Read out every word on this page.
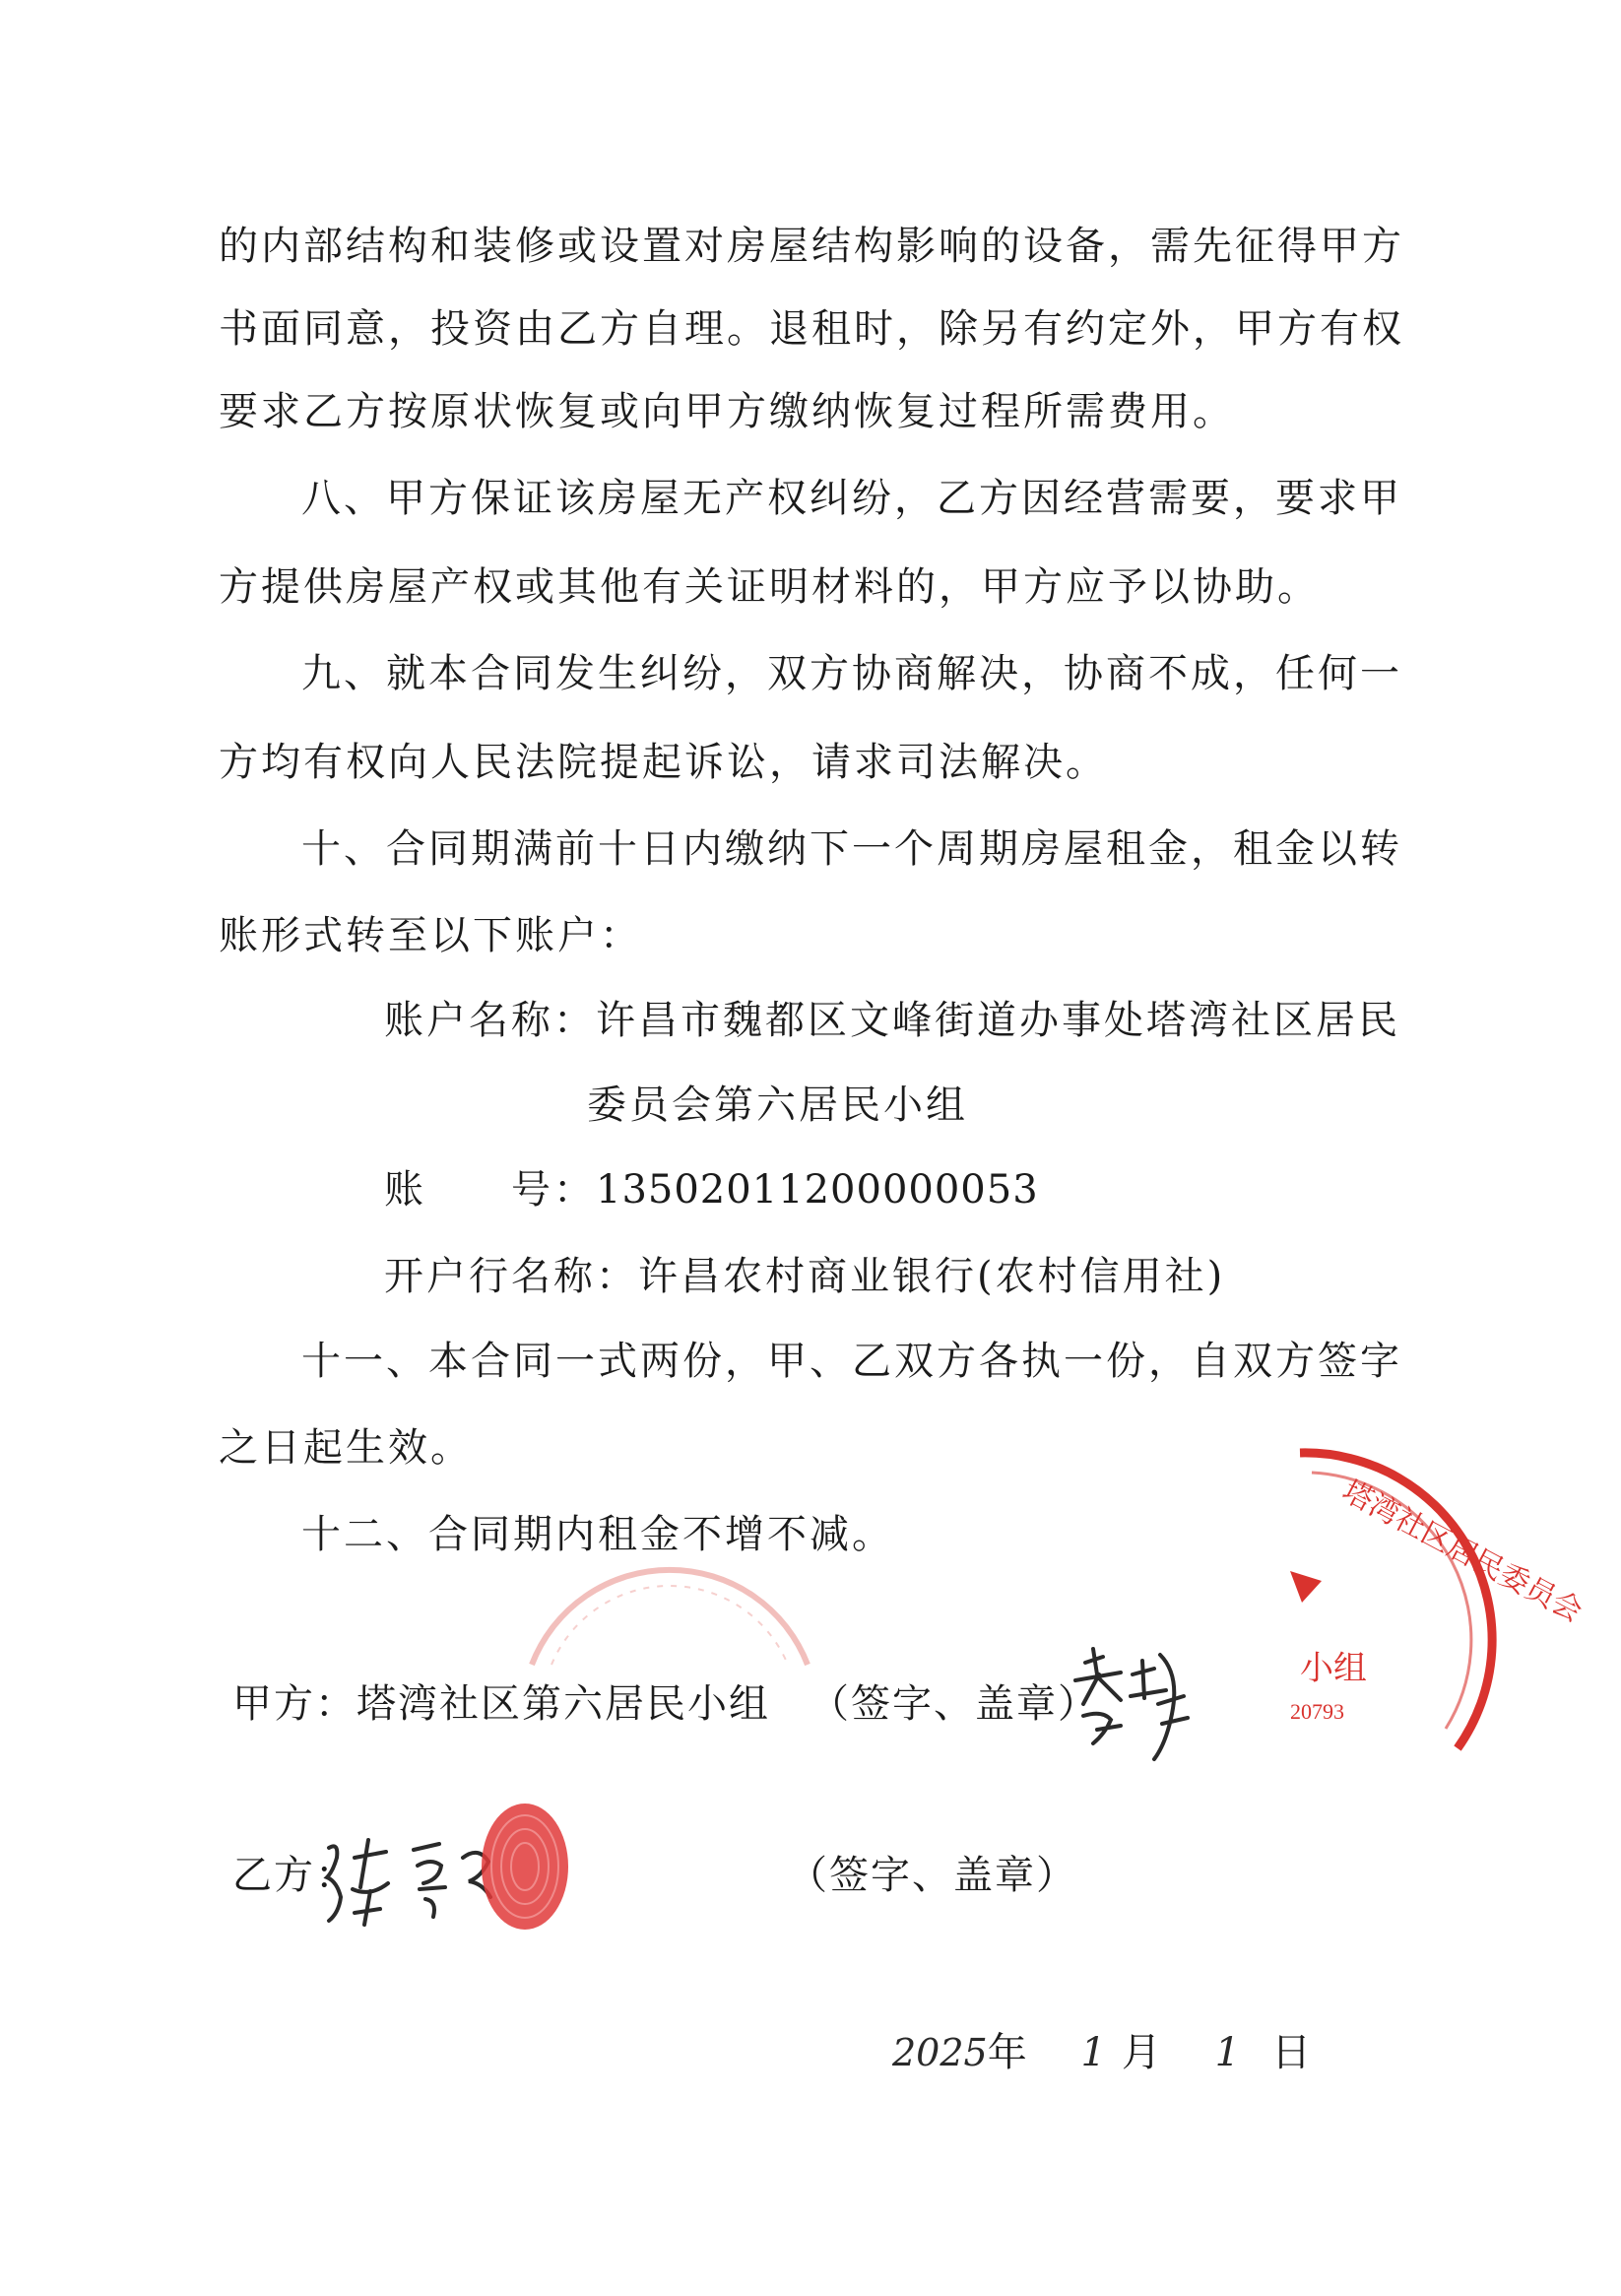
的内部结构和装修或设置对房屋结构影响的设备，需先征得甲方
书面同意，投资由乙方自理。退租时，除另有约定外，甲方有权
要求乙方按原状恢复或向甲方缴纳恢复过程所需费用。
八、甲方保证该房屋无产权纠纷，乙方因经营需要，要求甲
方提供房屋产权或其他有关证明材料的，甲方应予以协助。
九、就本合同发生纠纷，双方协商解决，协商不成，任何一
方均有权向人民法院提起诉讼，请求司法解决。
十、合同期满前十日内缴纳下一个周期房屋租金，租金以转
账形式转至以下账户：
账户名称：许昌市魏都区文峰街道办事处塔湾社区居民
委员会第六居民小组
账　　号：13502011200000053
开户行名称：许昌农村商业银行(农村信用社)
十一、本合同一式两份，甲、乙双方各执一份，自双方签字
之日起生效。
十二、合同期内租金不增不减。	塔湾社区居民委员会
小组
20793
甲方：塔湾社区第六居民小组 （签字、盖章）
乙方：	（签字、盖章）
2025年 1 月 1 日
